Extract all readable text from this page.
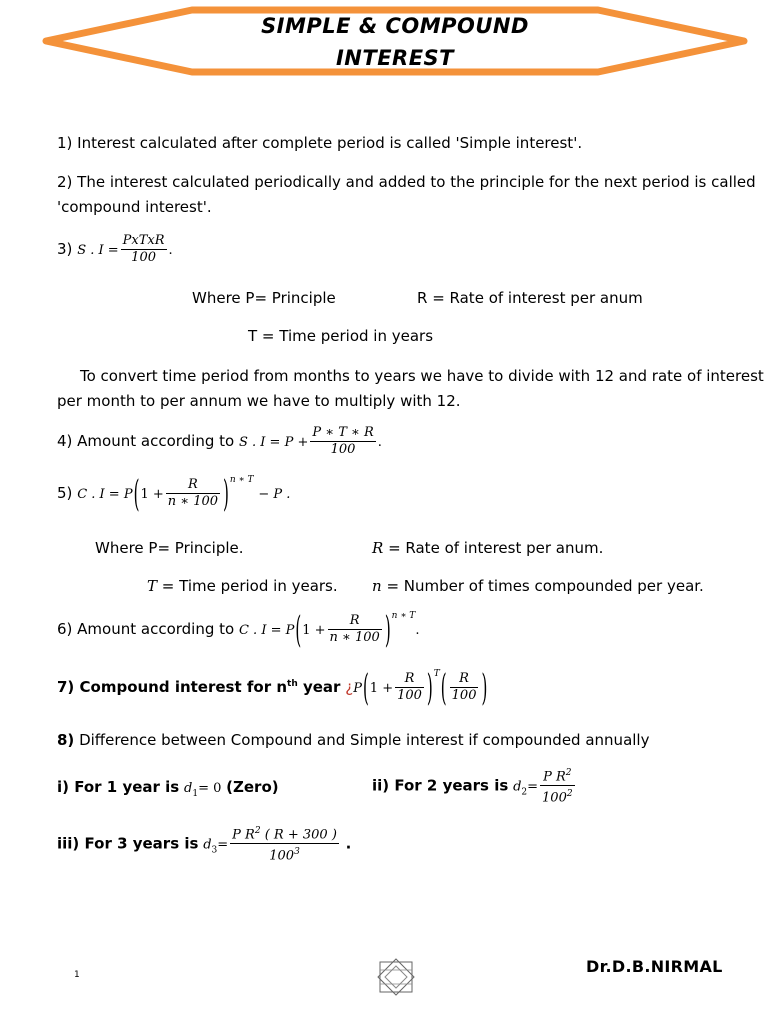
SIMPLE & COMPOUND
INTEREST
1) Interest calculated after complete period is called 'Simple interest'.
2) The interest calculated periodically and added to the principle for the next period is called
'compound interest'.
3) S . $I = \frac{\text{PxTxR}}{100}$ .
Where P= Principle	R = Rate of interest per anum
T = Time period in years
To convert time period from months to years we have to divide with 12 and rate of interest
per month to per annum we have to multiply with 12.
4) Amount according to S . $I = P + \frac{P ∗ T ∗ R}{100}$ .
5) C . $I = P(1 + \frac{R}{n ∗ 100} )^{n ∗ T} - P$ .
Where P= Principle.	R = Rate of interest per anum.
T = Time period in years. n = Number of times compounded per year.
6) Amount according to C . $I = P(1 + \frac{R}{n ∗ 100} )^{n ∗ T}$.
7) Compound interest for $n^{th}$ year ¿$P(1 + \frac{R}{100} )^T( \frac{R}{100}$ )
8) Difference between Compound and Simple interest if compounded annually
i) For 1 year is $d_1= 0$ (Zero)	ii) For 2 years is $d_2= \frac{P R^2}{100^2}$
iii) For 3 years is $d_3= \frac{P R^2 ( R + 300 )}{100^3}$ .
1	Dr.D.B.NIRMAL
